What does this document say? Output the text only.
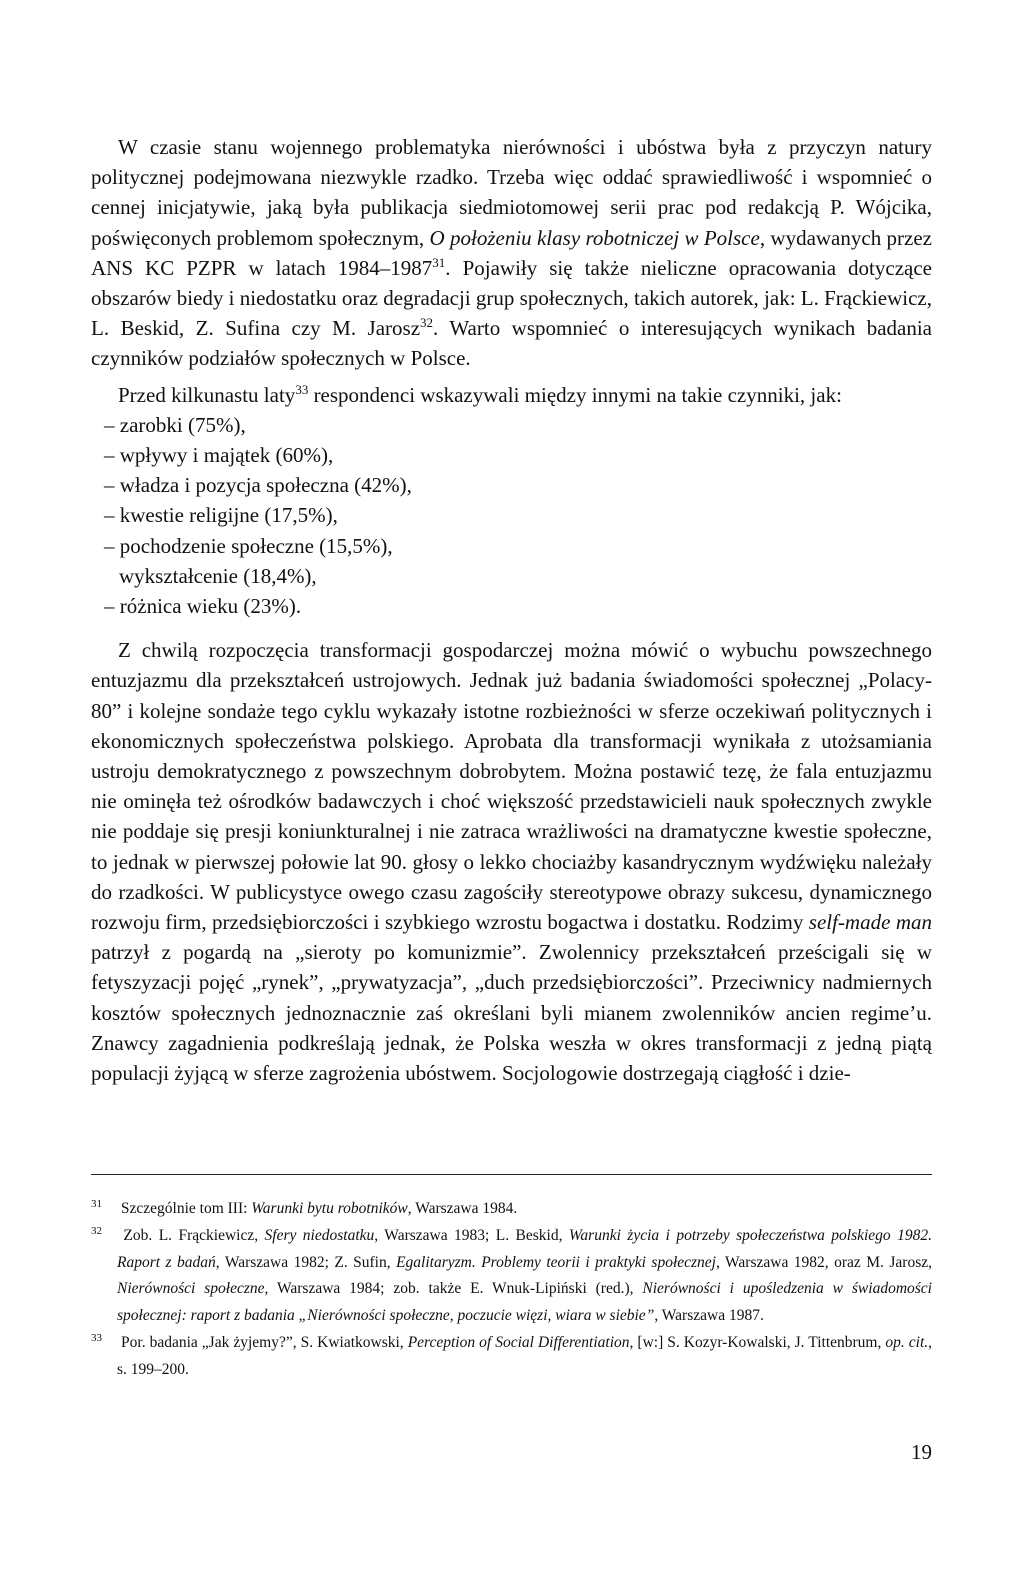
W czasie stanu wojennego problematyka nierówności i ubóstwa była z przyczyn natury politycznej podejmowana niezwykle rzadko. Trzeba więc oddać sprawiedliwość i wspomnieć o cennej inicjatywie, jaką była publikacja siedmiotomowej serii prac pod redakcją P. Wójcika, poświęconych problemom społecznym, O położeniu klasy robotniczej w Polsce, wydawanych przez ANS KC PZPR w latach 1984–1987$^{31}$. Pojawiły się także nieliczne opracowania dotyczące obszarów biedy i niedostatku oraz degradacji grup społecznych, takich autorek, jak: L. Frąckiewicz, L. Beskid, Z. Sufina czy M. Jarosz$^{32}$. Warto wspomnieć o interesujących wynikach badania czynników podziałów społecznych w Polsce.

Przed kilkunastu laty$^{33}$ respondenci wskazywali między innymi na takie czynniki, jak:

– zarobki (75%),
– wpływy i majątek (60%),
– władza i pozycja społeczna (42%),
– kwestie religijne (17,5%),
– pochodzenie społeczne (15,5%),
wykształcenie (18,4%),
– różnica wieku (23%).

Z chwilą rozpoczęcia transformacji gospodarczej można mówić o wybuchu powszechnego entuzjazmu dla przekształceń ustrojowych. Jednak już badania świadomości społecznej „Polacy-80” i kolejne sondaże tego cyklu wykazały istotne rozbieżności w sferze oczekiwań politycznych i ekonomicznych społeczeństwa polskiego. Aprobata dla transformacji wynikała z utożsamiania ustroju demokratycznego z powszechnym dobrobytem. Można postawić tezę, że fala entuzjazmu nie ominęła też ośrodków badawczych i choć większość przedstawicieli nauk społecznych zwykle nie poddaje się presji koniunkturalnej i nie zatraca wrażliwości na dramatyczne kwestie społeczne, to jednak w pierwszej połowie lat 90. głosy o lekko chociażby kasandrycznym wydźwięku należały do rzadkości. W publicystyce owego czasu zagościły stereotypowe obrazy sukcesu, dynamicznego rozwoju firm, przedsiębiorczości i szybkiego wzrostu bogactwa i dostatku. Rodzimy self-made man patrzył z pogardą na „sieroty po komunizmie”. Zwolennicy przekształceń prześcigali się w fetyszyzacji pojęć „rynek”, „prywatyzacja”, „duch przedsiębiorczości”. Przeciwnicy nadmiernych kosztów społecznych jednoznacznie zaś określani byli mianem zwolenników ancien regime’u. Znawcy zagadnienia podkreślają jednak, że Polska weszła w okres transformacji z jedną piątą populacji żyjącą w sferze zagrożenia ubóstwem. Socjologowie dostrzegają ciągłość i dzie-

$^{31}$ Szczególnie tom III: Warunki bytu robotników, Warszawa 1984.

$^{32}$ Zob. L. Frąckiewicz, Sfery niedostatku, Warszawa 1983; L. Beskid, Warunki życia i potrzeby społeczeństwa polskiego 1982. Raport z badań, Warszawa 1982; Z. Sufin, Egalitaryzm. Problemy teorii i praktyki społecznej, Warszawa 1982, oraz M. Jarosz, Nierówności społeczne, Warszawa 1984; zob. także E. Wnuk-Lipiński (red.), Nierówności i upośledzenia w świadomości społecznej: raport z badania „Nierówności społeczne, poczucie więzi, wiara w siebie”, Warszawa 1987.

$^{33}$ Por. badania „Jak żyjemy?”, S. Kwiatkowski, Perception of Social Differentiation, [w:] S. Kozyr-Kowalski, J. Tittenbrum, op. cit., s. 199–200.

19
